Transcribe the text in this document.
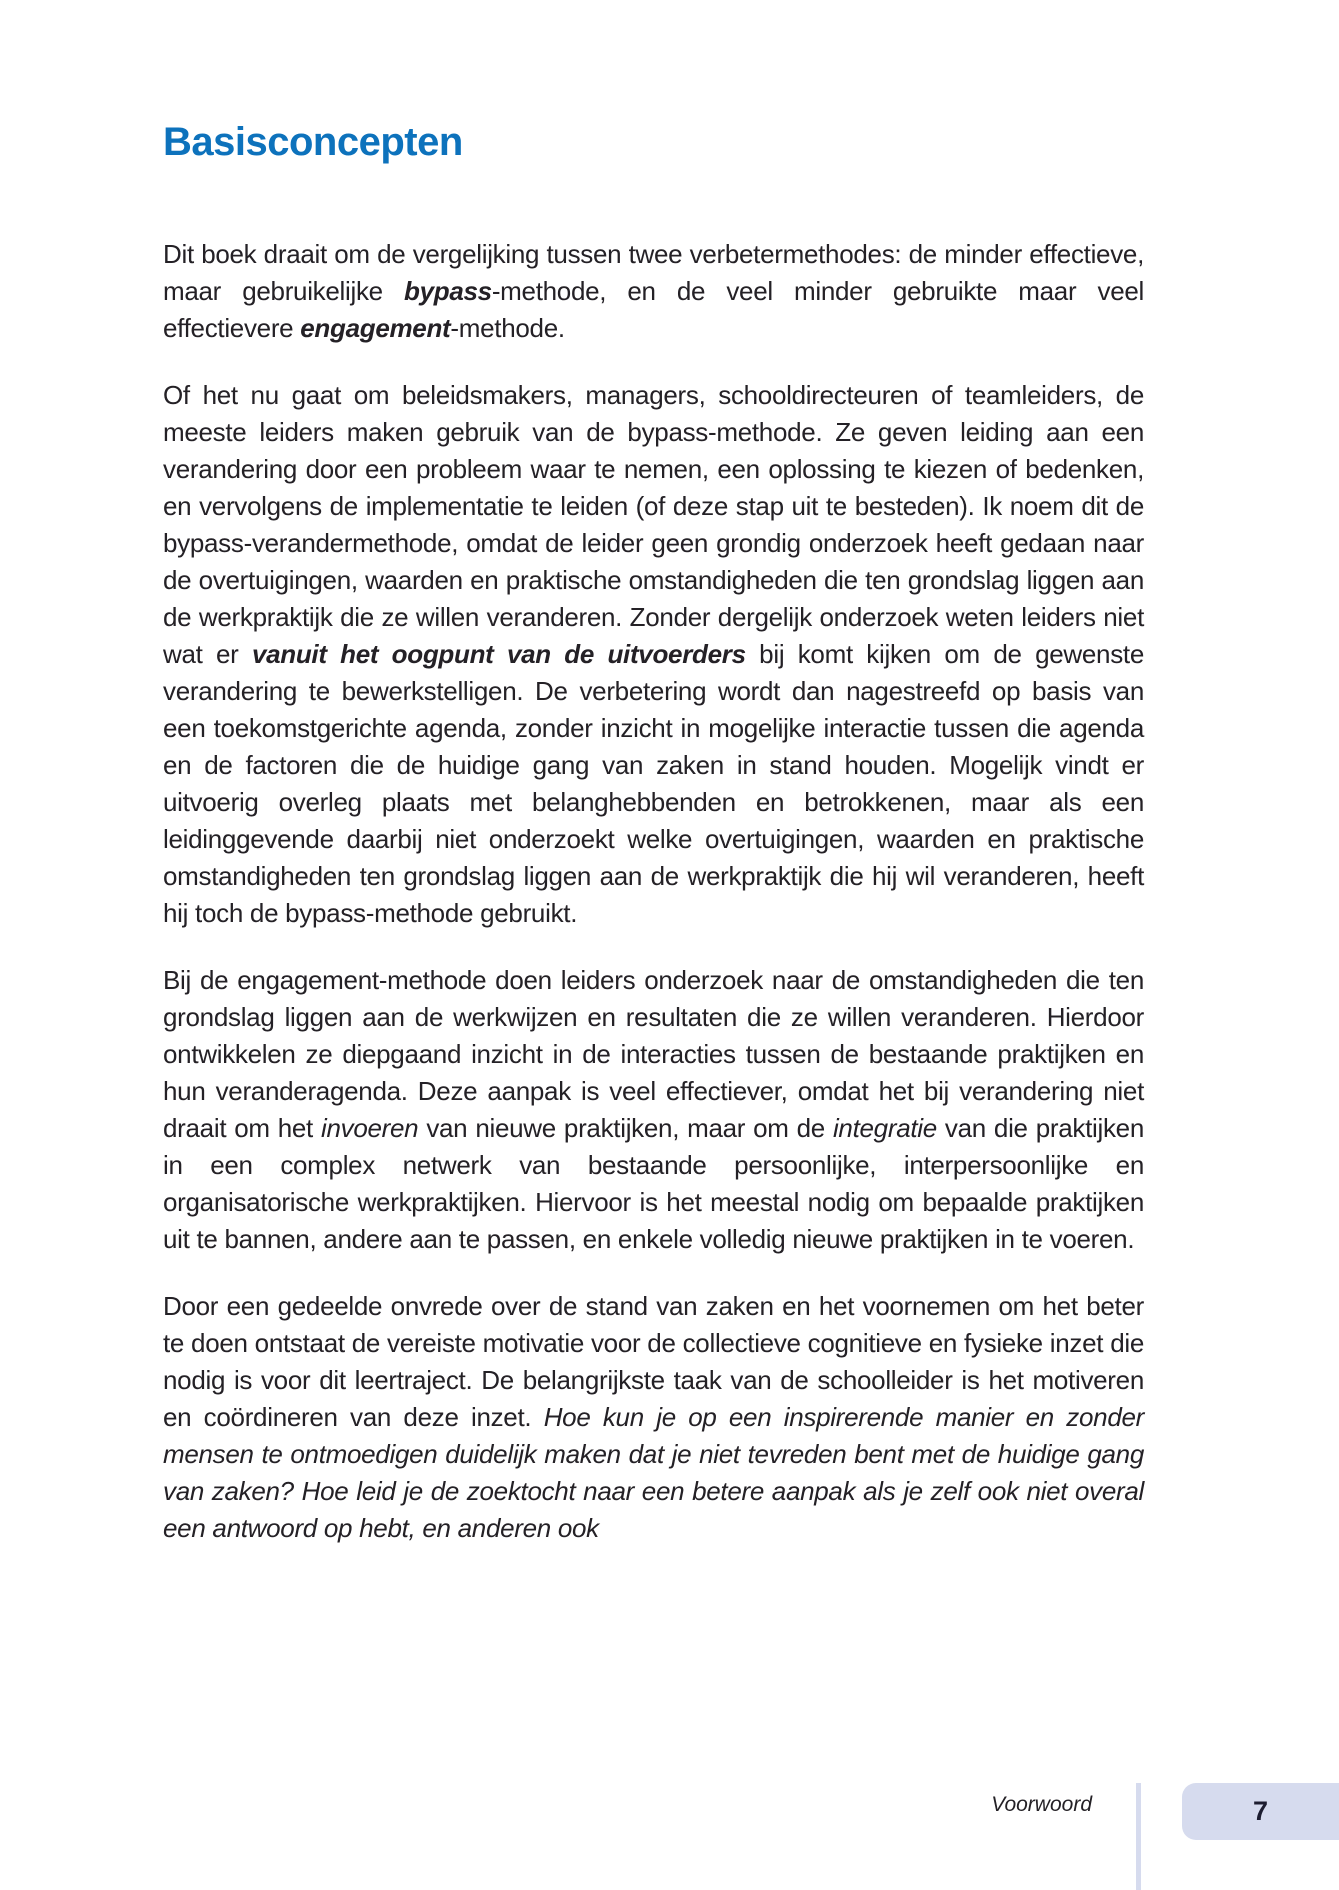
Basisconcepten

Dit boek draait om de vergelijking tussen twee verbetermethodes: de minder effectieve, maar gebruikelijke bypass-methode, en de veel minder gebruikte maar veel effectievere engagement-methode.

Of het nu gaat om beleidsmakers, managers, schooldirecteuren of teamleiders, de meeste leiders maken gebruik van de bypass-methode. Ze geven leiding aan een verandering door een probleem waar te nemen, een oplossing te kiezen of bedenken, en vervolgens de implementatie te leiden (of deze stap uit te besteden). Ik noem dit de bypass-verandermethode, omdat de leider geen grondig onderzoek heeft gedaan naar de overtuigingen, waarden en praktische omstandigheden die ten grondslag liggen aan de werkpraktijk die ze willen veranderen. Zonder dergelijk onderzoek weten leiders niet wat er vanuit het oogpunt van de uitvoerders bij komt kijken om de gewenste verandering te bewerkstelligen. De verbetering wordt dan nagestreefd op basis van een toekomstgerichte agenda, zonder inzicht in mogelijke interactie tussen die agenda en de factoren die de huidige gang van zaken in stand houden. Mogelijk vindt er uitvoerig overleg plaats met belanghebbenden en betrokkenen, maar als een leidinggevende daarbij niet onderzoekt welke overtuigingen, waarden en praktische omstandigheden ten grondslag liggen aan de werkpraktijk die hij wil veranderen, heeft hij toch de bypass-methode gebruikt.

Bij de engagement-methode doen leiders onderzoek naar de omstandigheden die ten grondslag liggen aan de werkwijzen en resultaten die ze willen veranderen. Hierdoor ontwikkelen ze diepgaand inzicht in de interacties tussen de bestaande praktijken en hun veranderagenda. Deze aanpak is veel effectiever, omdat het bij verandering niet draait om het invoeren van nieuwe praktijken, maar om de integratie van die praktijken in een complex netwerk van bestaande persoonlijke, interpersoonlijke en organisatorische werkpraktijken. Hiervoor is het meestal nodig om bepaalde praktijken uit te bannen, andere aan te passen, en enkele volledig nieuwe praktijken in te voeren.

Door een gedeelde onvrede over de stand van zaken en het voornemen om het beter te doen ontstaat de vereiste motivatie voor de collectieve cognitieve en fysieke inzet die nodig is voor dit leertraject. De belangrijkste taak van de schoolleider is het motiveren en coördineren van deze inzet. Hoe kun je op een inspirerende manier en zonder mensen te ontmoedigen duidelijk maken dat je niet tevreden bent met de huidige gang van zaken? Hoe leid je de zoektocht naar een betere aanpak als je zelf ook niet overal een antwoord op hebt, en anderen ook

Voorwoord	7
